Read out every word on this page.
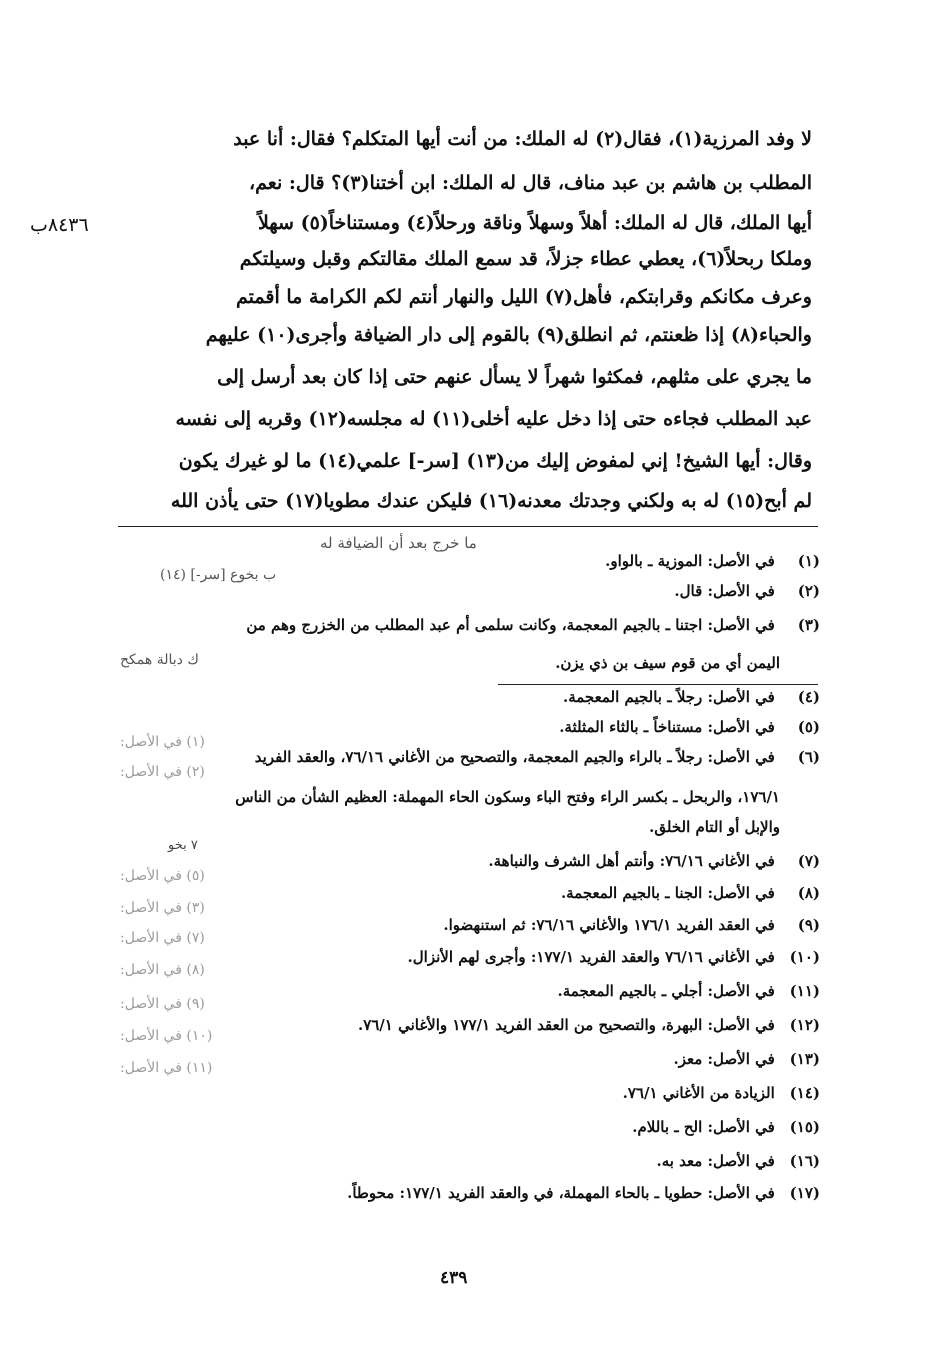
٨٤٣٦ب
لا وفد المرزية(١)، فقال(٢) له الملك: من أنت أيها المتكلم؟ فقال: أنا عبد
المطلب بن هاشم بن عبد مناف، قال له الملك: ابن أختنا(٣)؟ قال: نعم،
أيها الملك، قال له الملك: أهلاً وسهلاً وناقة ورحلاً(٤) ومستناخاً(٥) سهلاً
وملكا ربحلاً(٦)، يعطي عطاء جزلاً، قد سمع الملك مقالتكم وقبل وسيلتكم
وعرف مكانكم وقرابتكم، فأهل(٧) الليل والنهار أنتم لكم الكرامة ما أقمتم
والحباء(٨) إذا ظعنتم، ثم انطلق(٩) بالقوم إلى دار الضيافة وأجرى(١٠) عليهم
ما يجري على مثلهم، فمكثوا شهراً لا يسأل عنهم حتى إذا كان بعد أرسل إلى
عبد المطلب فجاءه حتى إذا دخل عليه أخلى(١١) له مجلسه(١٢) وقربه إلى نفسه
وقال: أيها الشيخ! إني لمفوض إليك من(١٣) [سر-] علمي(١٤) ما لو غيرك يكون
لم أبح(١٥) له به ولكني وجدتك معدنه(١٦) فليكن عندك مطويا(١٧) حتى يأذن الله
ما خرج بعد أن الضيافة له
(١) في الأصل: الموزية ـ بالواو.
ب بخوع [سر-] (١٤)
(٢) في الأصل: قال.
(٣) في الأصل: اجتنا ـ بالجيم المعجمة، وكانت سلمى أم عبد المطلب من الخزرج وهم من
اليمن أي من قوم سيف بن ذي يزن.
ك دبالة همكح
(٤) في الأصل: رجلاً ـ بالجيم المعجمة.
(٥) في الأصل: مستناخاً ـ بالثاء المثلثة.
(٦) في الأصل: رجلاً ـ بالراء والجيم المعجمة، والتصحيح من الأغاني ٧٦/١٦، والعقد الفريد
١٧٦/١، والربحل ـ بكسر الراء وفتح الباء وسكون الحاء المهملة: العظيم الشأن من الناس
والإبل أو التام الخلق.
٧ بخو
(٧) في الأغاني ٧٦/١٦: وأنتم أهل الشرف والنباهة.
(٨) في الأصل: الجنا ـ بالجيم المعجمة.
(٩) في العقد الفريد ١٧٦/١ والأغاني ٧٦/١٦: ثم استنهضوا.
(١٠) في الأغاني ٧٦/١٦ والعقد الفريد ١٧٧/١: وأجرى لهم الأنزال.
(١١) في الأصل: أجلي ـ بالجيم المعجمة.
(١٢) في الأصل: البهرة، والتصحيح من العقد الفريد ١٧٧/١ والأغاني ٧٦/١.
(١٣) في الأصل: معز.
(١٤) الزيادة من الأغاني ٧٦/١.
(١٥) في الأصل: الح ـ باللام.
(١٦) في الأصل: معد به.
(١٧) في الأصل: حطويا ـ بالحاء المهملة، في والعقد الفريد ١٧٧/١: محوطاً.
(١) في الأصل:
(٢) في الأصل:
(٥) في الأصل:
(٣) في الأصل:
(٧) في الأصل:
(٨) في الأصل:
(٩) في الأصل:
(١٠) في الأصل:
(١١) في الأصل:
٤٣٩
